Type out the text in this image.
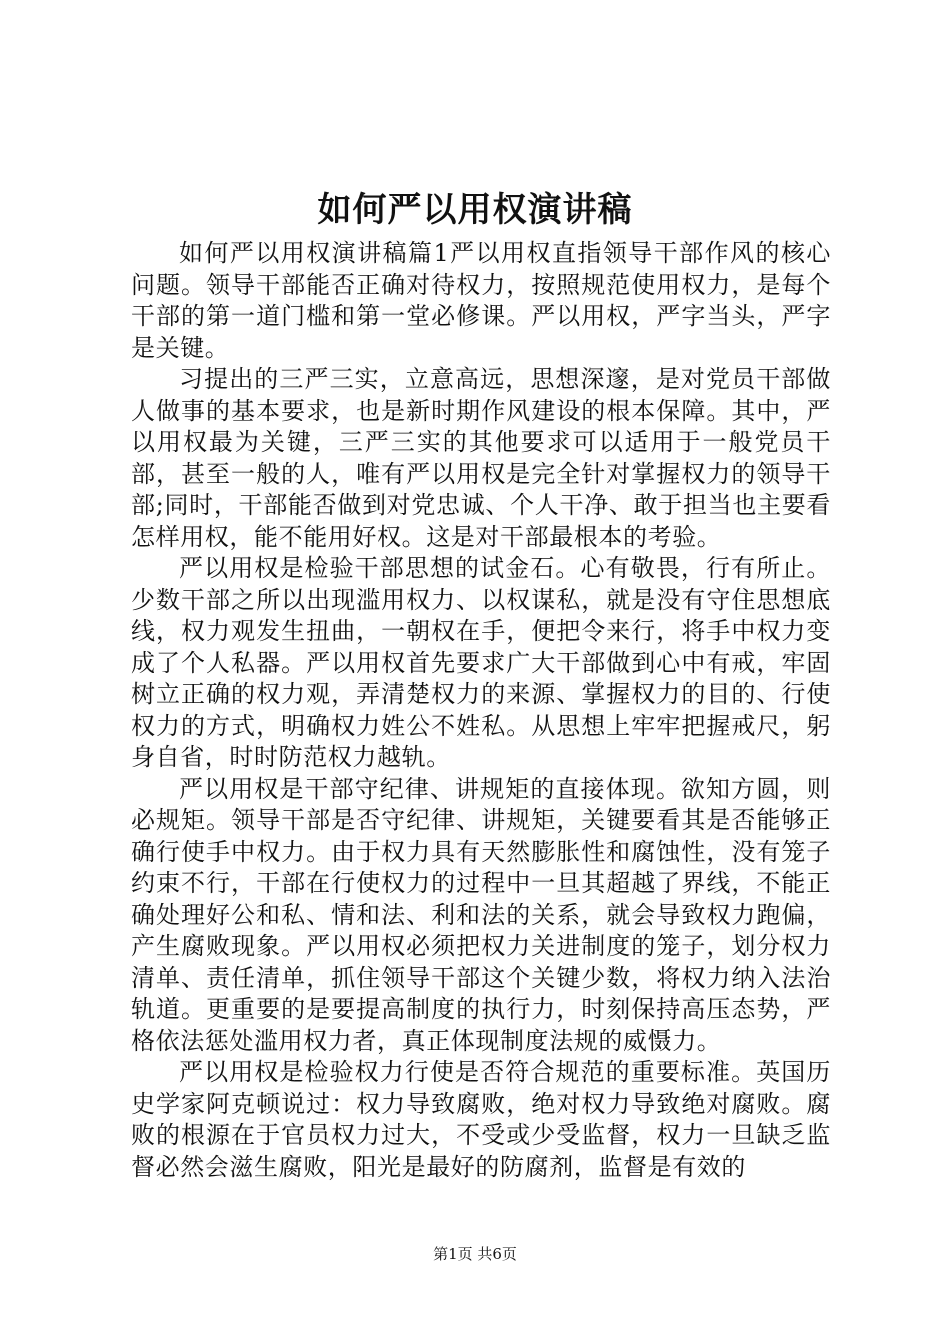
如何严以用权演讲稿

如何严以用权演讲稿篇1严以用权直指领导干部作风的核心问题。领导干部能否正确对待权力，按照规范使用权力，是每个干部的第一道门槛和第一堂必修课。严以用权，严字当头，严字是关键。

习提出的三严三实，立意高远，思想深邃，是对党员干部做人做事的基本要求，也是新时期作风建设的根本保障。其中，严以用权最为关键，三严三实的其他要求可以适用于一般党员干部，甚至一般的人，唯有严以用权是完全针对掌握权力的领导干部;同时，干部能否做到对党忠诚、个人干净、敢于担当也主要看怎样用权，能不能用好权。这是对干部最根本的考验。

严以用权是检验干部思想的试金石。心有敬畏，行有所止。少数干部之所以出现滥用权力、以权谋私，就是没有守住思想底线，权力观发生扭曲，一朝权在手，便把令来行，将手中权力变成了个人私器。严以用权首先要求广大干部做到心中有戒，牢固树立正确的权力观，弄清楚权力的来源、掌握权力的目的、行使权力的方式，明确权力姓公不姓私。从思想上牢牢把握戒尺，躬身自省，时时防范权力越轨。

严以用权是干部守纪律、讲规矩的直接体现。欲知方圆，则必规矩。领导干部是否守纪律、讲规矩，关键要看其是否能够正确行使手中权力。由于权力具有天然膨胀性和腐蚀性，没有笼子约束不行，干部在行使权力的过程中一旦其超越了界线，不能正确处理好公和私、情和法、利和法的关系，就会导致权力跑偏，产生腐败现象。严以用权必须把权力关进制度的笼子，划分权力清单、责任清单，抓住领导干部这个关键少数，将权力纳入法治轨道。更重要的是要提高制度的执行力，时刻保持高压态势，严格依法惩处滥用权力者，真正体现制度法规的威慑力。

严以用权是检验权力行使是否符合规范的重要标准。英国历史学家阿克顿说过：权力导致腐败，绝对权力导致绝对腐败。腐败的根源在于官员权力过大，不受或少受监督，权力一旦缺乏监督必然会滋生腐败，阳光是最好的防腐剂，监督是有效的

第1页 共6页
